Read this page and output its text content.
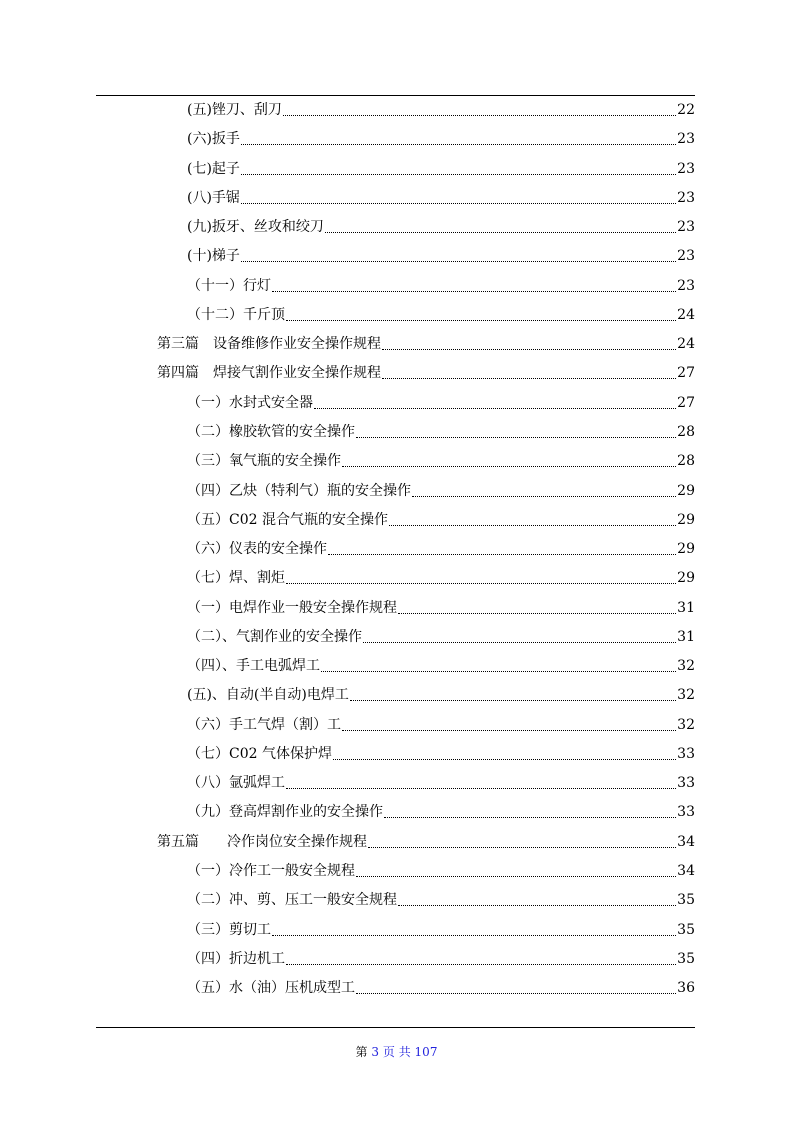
(五)锉刀、刮刀	22
(六)扳手	23
(七)起子	23
(八)手锯	23
(九)扳牙、丝攻和绞刀	23
(十)梯子	23
（十一）行灯	23
（十二）千斤顶	24
第三篇　设备维修作业安全操作规程	24
第四篇　焊接气割作业安全操作规程	27
（一）水封式安全器	27
（二）橡胶软管的安全操作	28
（三）氧气瓶的安全操作	28
（四）乙炔（特利气）瓶的安全操作	29
（五）C02 混合气瓶的安全操作	29
（六）仪表的安全操作	29
（七）焊、割炬	29
（一）电焊作业一般安全操作规程	31
（二）、气割作业的安全操作	31
（四）、手工电弧焊工	32
(五)、自动(半自动)电焊工	32
（六）手工气焊（割）工	32
（七）C02 气体保护焊	33
（八）氩弧焊工	33
（九）登高焊割作业的安全操作	33
第五篇　　冷作岗位安全操作规程	34
（一）冷作工一般安全规程	34
（二）冲、剪、压工一般安全规程	35
（三）剪切工	35
（四）折边机工	35
（五）水（油）压机成型工	36
第 3 页 共 107
